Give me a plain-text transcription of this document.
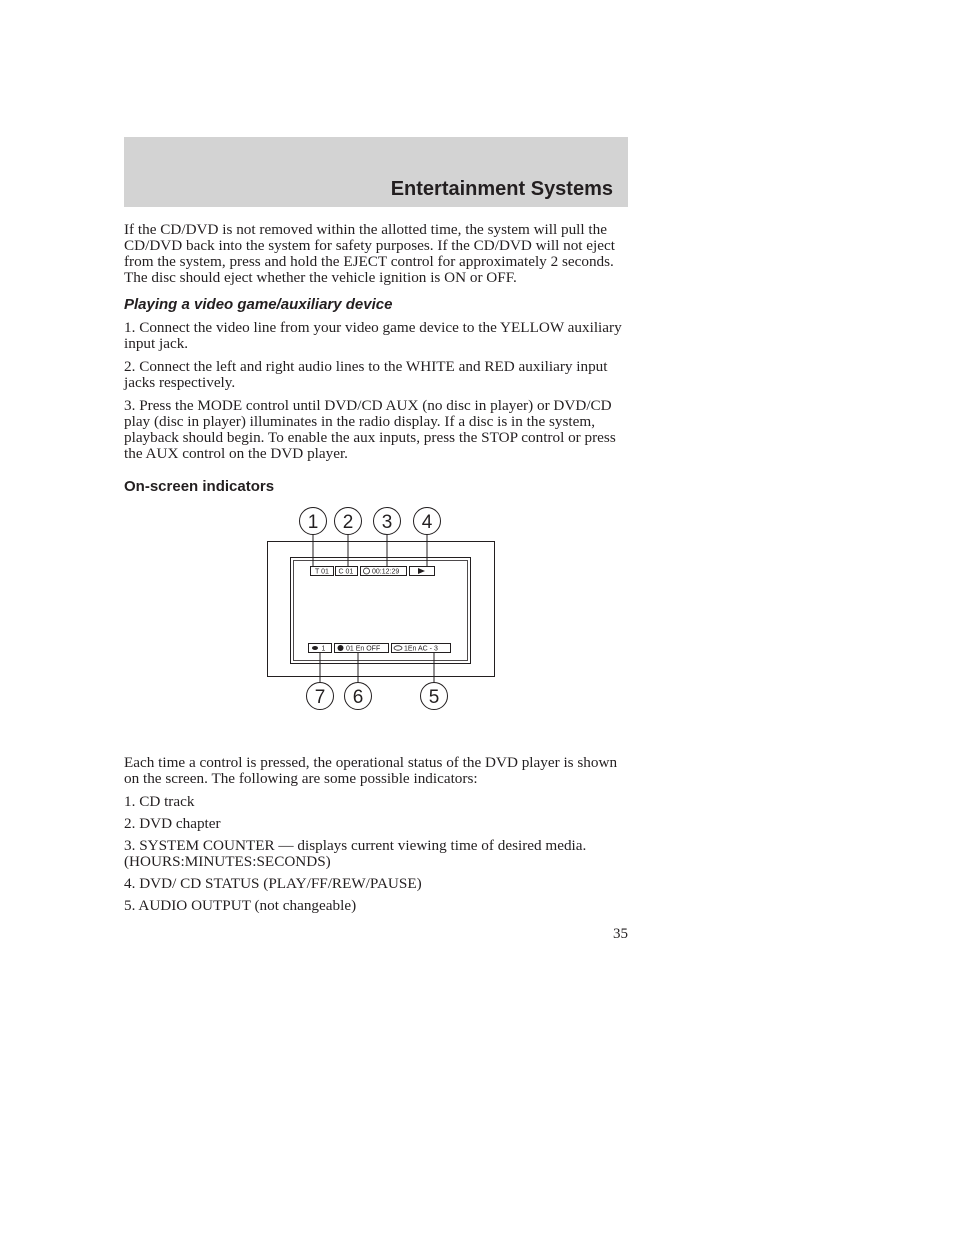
Entertainment Systems

If the CD/DVD is not removed within the allotted time, the system will pull the CD/DVD back into the system for safety purposes. If the CD/DVD will not eject from the system, press and hold the EJECT control for approximately 2 seconds. The disc should eject whether the vehicle ignition is ON or OFF.

Playing a video game/auxiliary device

1. Connect the video line from your video game device to the YELLOW auxiliary input jack.

2. Connect the left and right audio lines to the WHITE and RED auxiliary input jacks respectively.

3. Press the MODE control until DVD/CD AUX (no disc in player) or DVD/CD play (disc in player) illuminates in the radio display. If a disc is in the system, playback should begin. To enable the aux inputs, press the STOP control or press the AUX control on the DVD player.

On-screen indicators

T 01 C 01	00:12:29
1	01 En OFF	1En AC - 3
1 2 3 4
7 6	5

Each time a control is pressed, the operational status of the DVD player is shown on the screen. The following are some possible indicators:

1. CD track

2. DVD chapter

3. SYSTEM COUNTER — displays current viewing time of desired media. (HOURS:MINUTES:SECONDS)

4. DVD/ CD STATUS (PLAY/FF/REW/PAUSE)

5. AUDIO OUTPUT (not changeable)

35
